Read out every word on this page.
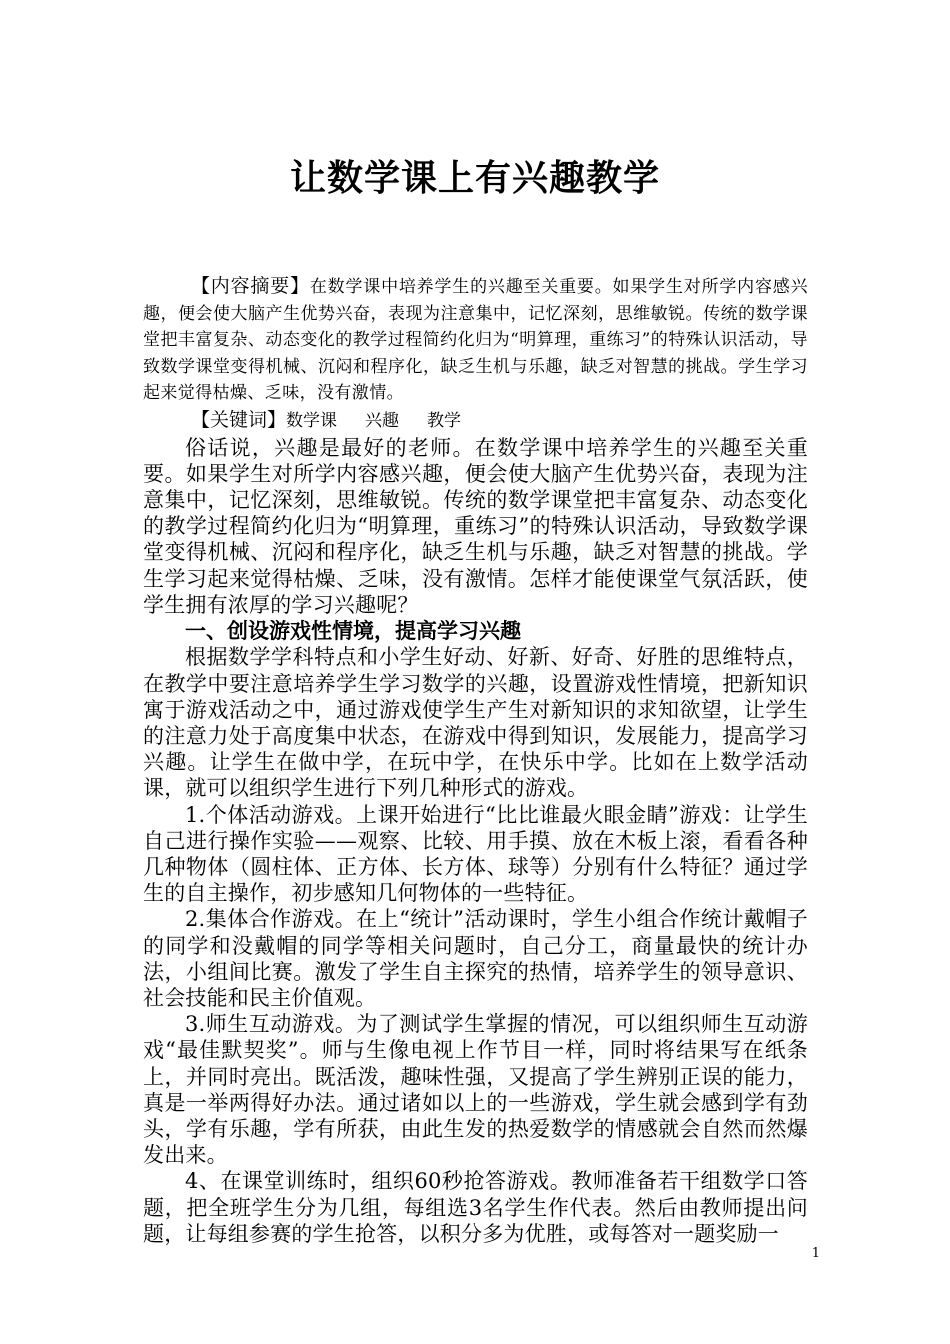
让数学课上有兴趣教学

【内容摘要】在数学课中培养学生的兴趣至关重要。如果学生对所学内容感兴趣，便会使大脑产生优势兴奋，表现为注意集中，记忆深刻，思维敏锐。传统的数学课堂把丰富复杂、动态变化的教学过程简约化归为“明算理，重练习”的特殊认识活动，导致数学课堂变得机械、沉闷和程序化，缺乏生机与乐趣，缺乏对智慧的挑战。学生学习起来觉得枯燥、乏味，没有激情。

【关键词】数学课 兴趣 教学

俗话说，兴趣是最好的老师。在数学课中培养学生的兴趣至关重要。如果学生对所学内容感兴趣，便会使大脑产生优势兴奋，表现为注意集中，记忆深刻，思维敏锐。传统的数学课堂把丰富复杂、动态变化的教学过程简约化归为“明算理，重练习”的特殊认识活动，导致数学课堂变得机械、沉闷和程序化，缺乏生机与乐趣，缺乏对智慧的挑战。学生学习起来觉得枯燥、乏味，没有激情。怎样才能使课堂气氛活跃，使学生拥有浓厚的学习兴趣呢？

一、创设游戏性情境，提高学习兴趣

根据数学学科特点和小学生好动、好新、好奇、好胜的思维特点，在教学中要注意培养学生学习数学的兴趣，设置游戏性情境，把新知识寓于游戏活动之中，通过游戏使学生产生对新知识的求知欲望，让学生的注意力处于高度集中状态，在游戏中得到知识，发展能力，提高学习兴趣。让学生在做中学，在玩中学，在快乐中学。比如在上数学活动课，就可以组织学生进行下列几种形式的游戏。

1.个体活动游戏。上课开始进行“比比谁最火眼金睛”游戏：让学生自己进行操作实验——观察、比较、用手摸、放在木板上滚，看看各种几种物体（圆柱体、正方体、长方体、球等）分别有什么特征？通过学生的自主操作，初步感知几何物体的一些特征。

2.集体合作游戏。在上“统计”活动课时，学生小组合作统计戴帽子的同学和没戴帽的同学等相关问题时，自己分工，商量最快的统计办法，小组间比赛。激发了学生自主探究的热情，培养学生的领导意识、社会技能和民主价值观。

3.师生互动游戏。为了测试学生掌握的情况，可以组织师生互动游戏“最佳默契奖”。师与生像电视上作节目一样，同时将结果写在纸条上，并同时亮出。既活泼，趣味性强，又提高了学生辨别正误的能力，真是一举两得好办法。通过诸如以上的一些游戏，学生就会感到学有劲头，学有乐趣，学有所获，由此生发的热爱数学的情感就会自然而然爆发出来。

4、在课堂训练时，组织60秒抢答游戏。教师准备若干组数学口答题，把全班学生分为几组，每组选3名学生作代表。然后由教师提出问题，让每组参赛的学生抢答，以积分多为优胜，或每答对一题奖励一

1
